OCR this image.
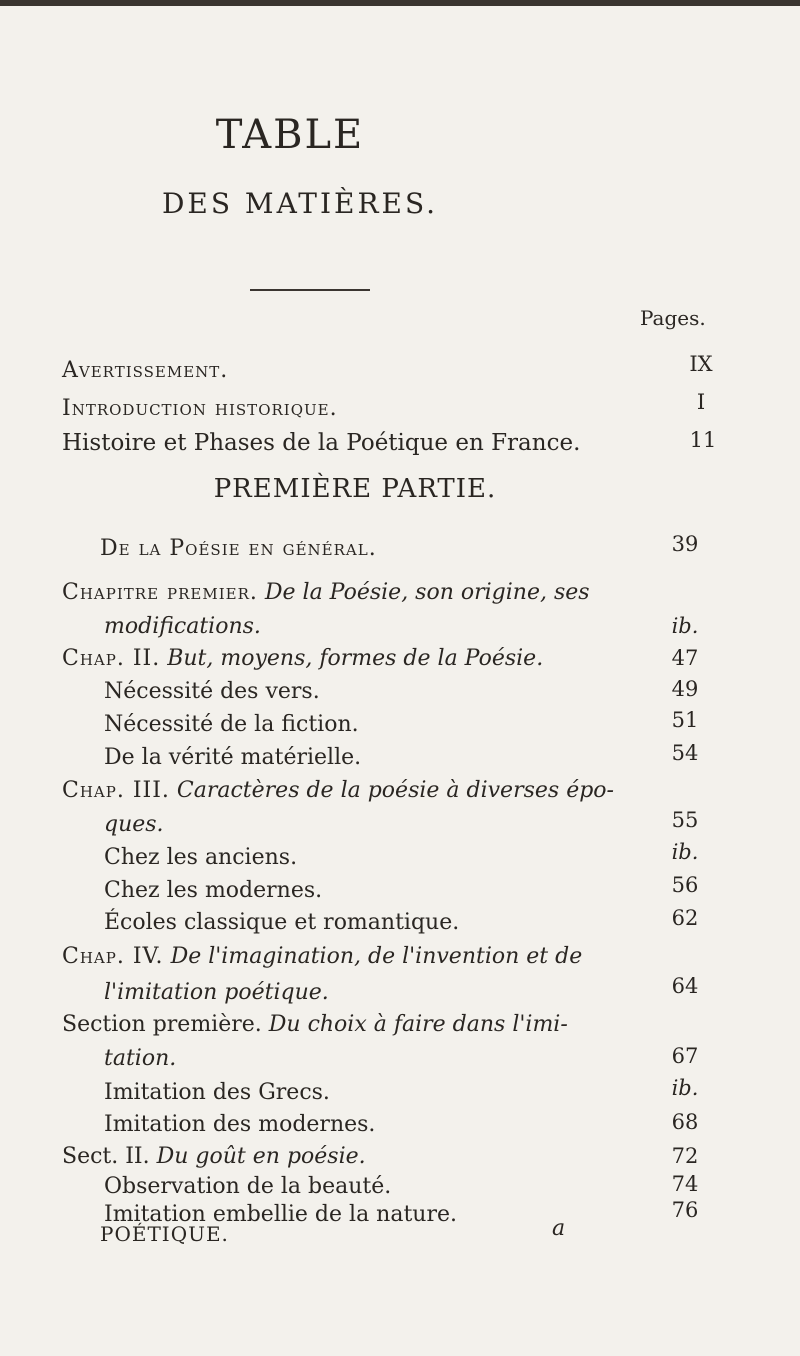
TABLE
DES MATIÈRES.
Pages.
Avertissement.	IX
Introduction historique.	I
Histoire et Phases de la Poétique en France.	11
PREMIÈRE PARTIE.
De la Poésie en général.	39
Chapitre premier. De la Poésie, son origine, ses
modifications.	ib.
Chap. II. But, moyens, formes de la Poésie.	47
Nécessité des vers.	49
Nécessité de la fiction.	51
De la vérité matérielle.	54
Chap. III. Caractères de la poésie à diverses épo-
ques.	55
Chez les anciens.	ib.
Chez les modernes.	56
Écoles classique et romantique.	62
Chap. IV. De l'imagination, de l'invention et de
l'imitation poétique.	64
Section première. Du choix à faire dans l'imi-
tation.	67
Imitation des Grecs.	ib.
Imitation des modernes.	68
Sect. II. Du goût en poésie.	72
Observation de la beauté.	74
Imitation embellie de la nature.	76
POÉTIQUE.	a
